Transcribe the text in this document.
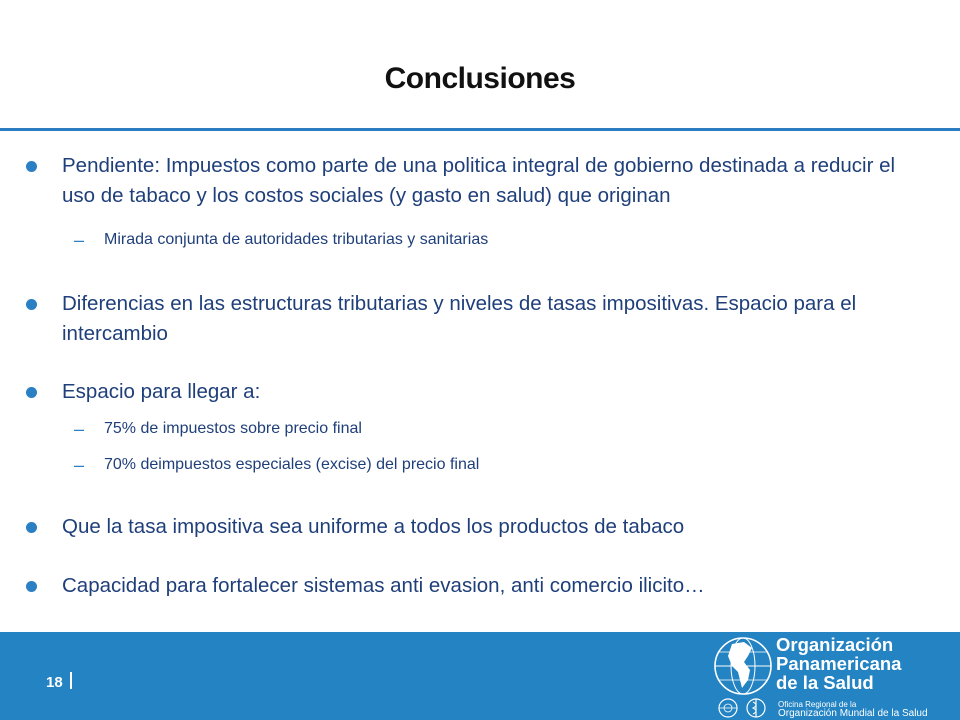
Conclusiones
Pendiente: Impuestos como parte de una politica integral de gobierno destinada a reducir el uso de tabaco y los costos sociales (y gasto en salud) que originan
– Mirada conjunta de autoridades tributarias y sanitarias
Diferencias en las estructuras tributarias y niveles de tasas impositivas. Espacio para el intercambio
Espacio para llegar a:
– 75% de impuestos sobre precio final
– 70% deimpuestos especiales (excise) del precio final
Que la tasa impositiva sea uniforme a todos los productos de tabaco
Capacidad para fortalecer sistemas anti evasion, anti comercio ilicito…
18
Organización
Panamericana
de la Salud
Oficina Regional de la
Organización Mundial de la Salud
